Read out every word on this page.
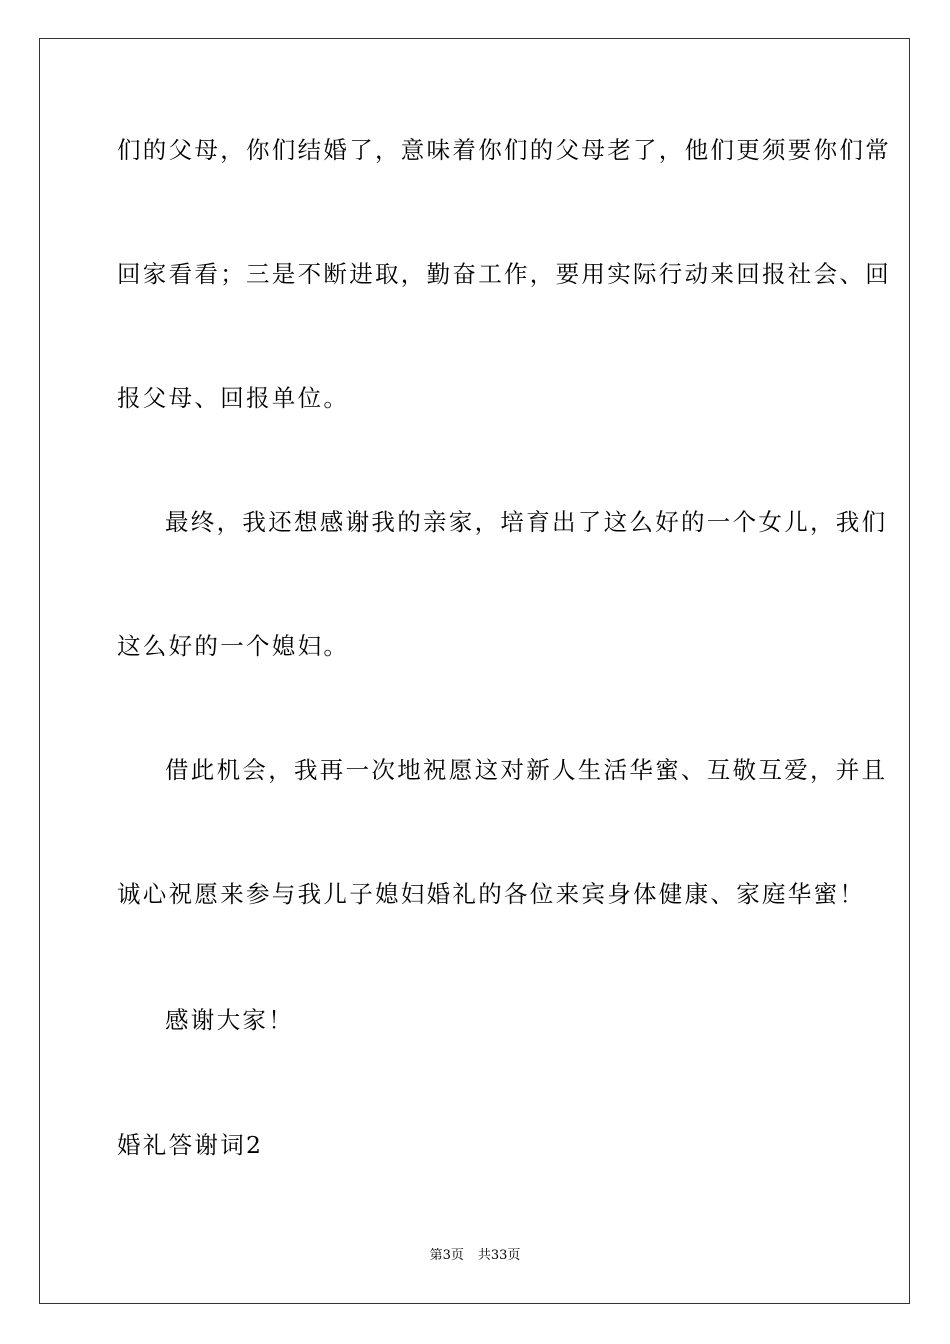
们的父母，你们结婚了，意味着你们的父母老了，他们更须要你们常
回家看看；三是不断进取，勤奋工作，要用实际行动来回报社会、回
报父母、回报单位。
最终，我还想感谢我的亲家，培育出了这么好的一个女儿，我们
这么好的一个媳妇。
借此机会，我再一次地祝愿这对新人生活华蜜、互敬互爱，并且
诚心祝愿来参与我儿子媳妇婚礼的各位来宾身体健康、家庭华蜜！
感谢大家！
婚礼答谢词2
第3页 共33页
